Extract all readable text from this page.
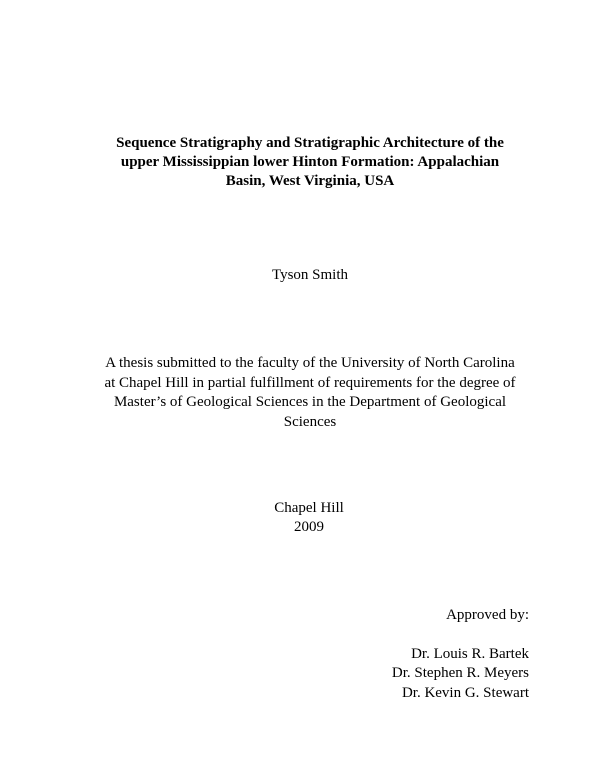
Sequence Stratigraphy and Stratigraphic Architecture of the
upper Mississippian lower Hinton Formation: Appalachian
Basin, West Virginia, USA
Tyson Smith
A thesis submitted to the faculty of the University of North Carolina
at Chapel Hill in partial fulfillment of requirements for the degree of
Master’s of Geological Sciences in the Department of Geological
Sciences
Chapel Hill
2009
Approved by:
Dr. Louis R. Bartek
Dr. Stephen R. Meyers
Dr. Kevin G. Stewart
